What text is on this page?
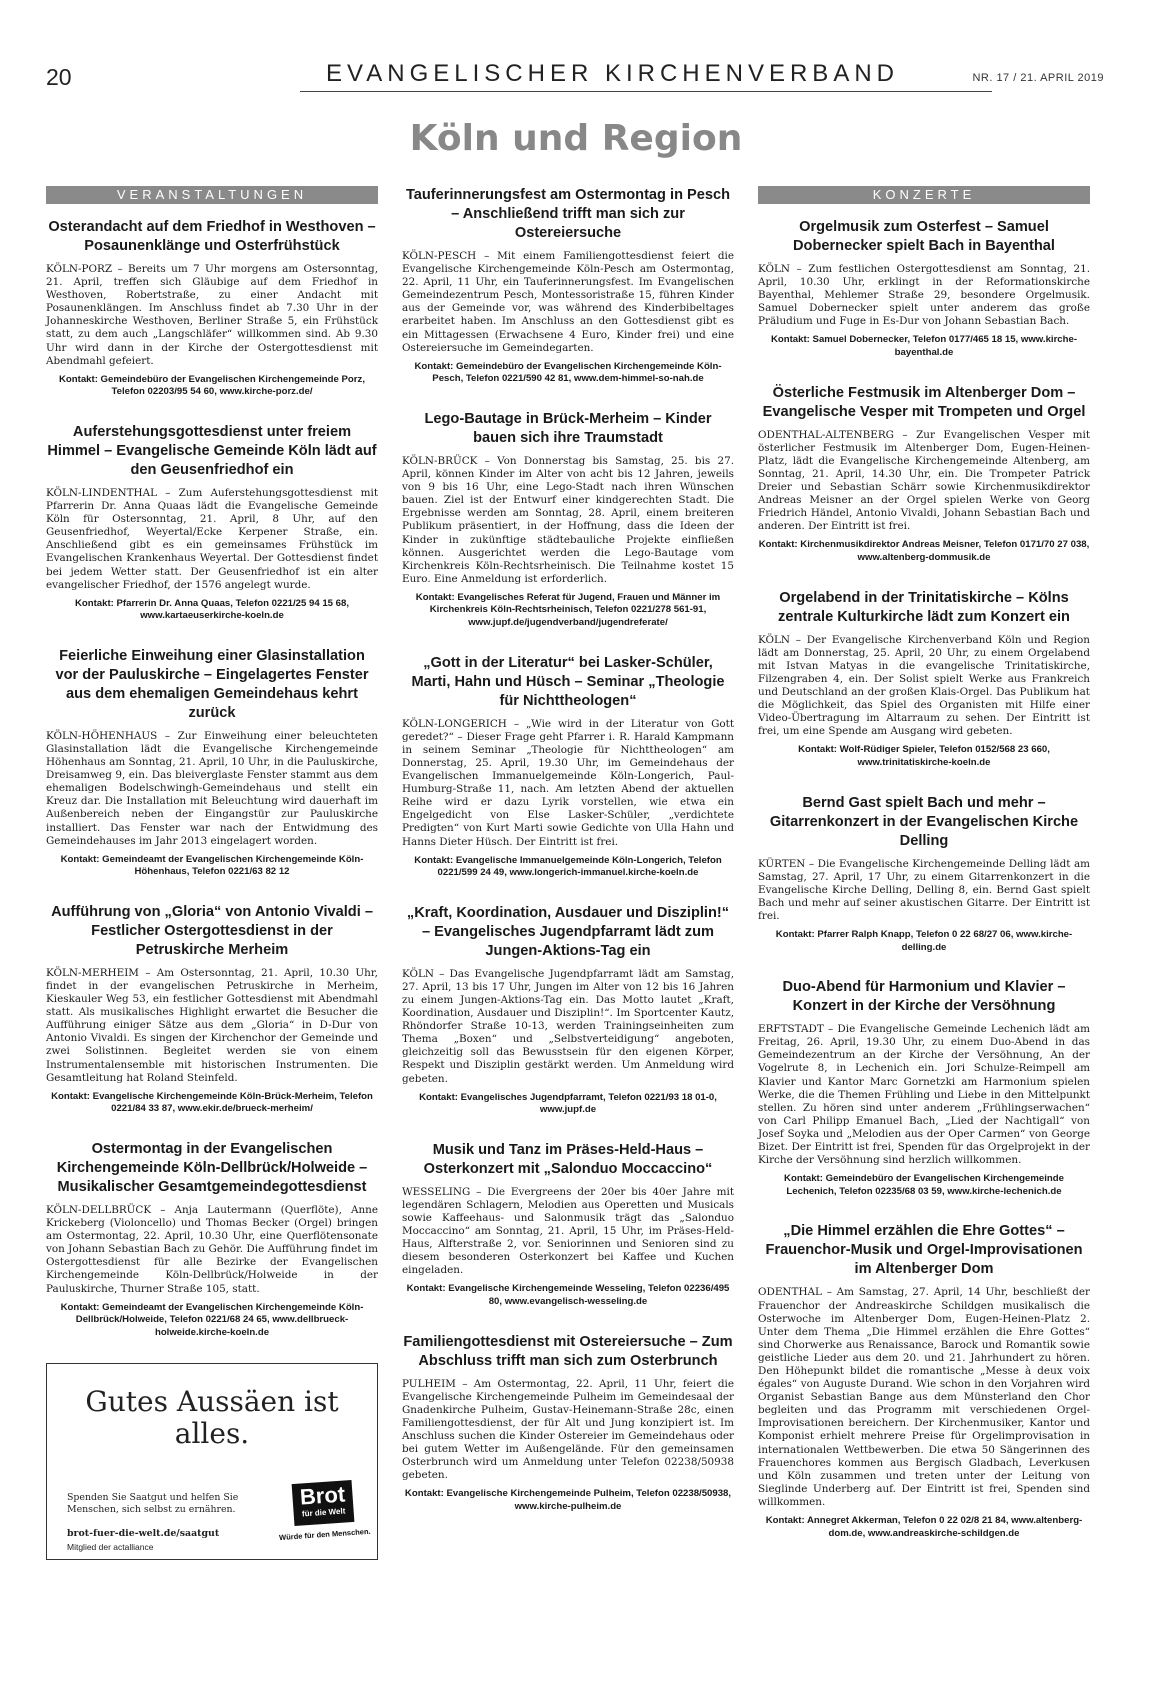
20	EVANGELISCHER KIRCHENVERBAND	NR. 17 / 21. APRIL 2019
Köln und Region
VERANSTALTUNGEN
Osterandacht auf dem Friedhof in Westhoven – Posaunenklänge und Osterfrühstück

KÖLN-PORZ – Bereits um 7 Uhr morgens am Ostersonntag, 21. April, treffen sich Gläubige auf dem Friedhof in Westhoven, Robertstraße, zu einer Andacht mit Posaunenklängen. Im Anschluss findet ab 7.30 Uhr in der Johanneskirche Westhoven, Berliner Straße 5, ein Frühstück statt, zu dem auch „Langschläfer“ willkommen sind. Ab 9.30 Uhr wird dann in der Kirche der Ostergottesdienst mit Abendmahl gefeiert.

Kontakt: Gemeindebüro der Evangelischen Kirchengemeinde Porz, Telefon 02203/95 54 60, www.kirche-porz.de/

Auferstehungsgottesdienst unter freiem Himmel – Evangelische Gemeinde Köln lädt auf den Geusenfriedhof ein

KÖLN-LINDENTHAL – Zum Auferstehungsgottesdienst mit Pfarrerin Dr. Anna Quaas lädt die Evangelische Gemeinde Köln für Ostersonntag, 21. April, 8 Uhr, auf den Geusenfriedhof, Weyertal/Ecke Kerpener Straße, ein. Anschließend gibt es ein gemeinsames Frühstück im Evangelischen Krankenhaus Weyertal. Der Gottesdienst findet bei jedem Wetter statt. Der Geusenfriedhof ist ein alter evangelischer Friedhof, der 1576 angelegt wurde.

Kontakt: Pfarrerin Dr. Anna Quaas, Telefon 0221/25 94 15 68, www.kartaeuserkirche-koeln.de

Feierliche Einweihung einer Glasinstallation vor der Pauluskirche – Eingelagertes Fenster aus dem ehemaligen Gemeindehaus kehrt zurück

KÖLN-HÖHENHAUS – Zur Einweihung einer beleuchteten Glasinstallation lädt die Evangelische Kirchengemeinde Höhenhaus am Sonntag, 21. April, 10 Uhr, in die Pauluskirche, Dreisamweg 9, ein. Das bleiverglaste Fenster stammt aus dem ehemaligen Bodelschwingh-Gemeindehaus und stellt ein Kreuz dar. Die Installation mit Beleuchtung wird dauerhaft im Außenbereich neben der Eingangstür zur Pauluskirche installiert. Das Fenster war nach der Entwidmung des Gemeindehauses im Jahr 2013 eingelagert worden.

Kontakt: Gemeindeamt der Evangelischen Kirchengemeinde Köln-Höhenhaus, Telefon 0221/63 82 12

Aufführung von „Gloria“ von Antonio Vivaldi – Festlicher Ostergottesdienst in der Petruskirche Merheim

KÖLN-MERHEIM – Am Ostersonntag, 21. April, 10.30 Uhr, findet in der evangelischen Petruskirche in Merheim, Kieskauler Weg 53, ein festlicher Gottesdienst mit Abendmahl statt. Als musikalisches Highlight erwartet die Besucher die Aufführung einiger Sätze aus dem „Gloria“ in D-Dur von Antonio Vivaldi. Es singen der Kirchenchor der Gemeinde und zwei Solistinnen. Begleitet werden sie von einem Instrumentalensemble mit historischen Instrumenten. Die Gesamtleitung hat Roland Steinfeld.

Kontakt: Evangelische Kirchengemeinde Köln-Brück-Merheim, Telefon 0221/84 33 87, www.ekir.de/brueck-merheim/

Ostermontag in der Evangelischen Kirchengemeinde Köln-Dellbrück/Holweide – Musikalischer Gesamtgemeindegottesdienst

KÖLN-DELLBRÜCK – Anja Lautermann (Querflöte), Anne Krickeberg (Violoncello) und Thomas Becker (Orgel) bringen am Ostermontag, 22. April, 10.30 Uhr, eine Querflötensonate von Johann Sebastian Bach zu Gehör. Die Aufführung findet im Ostergottesdienst für alle Bezirke der Evangelischen Kirchengemeinde Köln-Dellbrück/Holweide in der Pauluskirche, Thurner Straße 105, statt.

Kontakt: Gemeindeamt der Evangelischen Kirchengemeinde Köln-Dellbrück/Holweide, Telefon 0221/68 24 65, www.dellbrueck-holweide.kirche-koeln.de

Gutes Aussäen ist alles.
Spenden Sie Saatgut und helfen Sie Menschen, sich selbst zu ernähren.
brot-fuer-die-welt.de/saatgut
Mitglied der actalliance
Brot
für die Welt
Würde für den Menschen.
Tauferinnerungsfest am Ostermontag in Pesch – Anschließend trifft man sich zur Ostereiersuche

KÖLN-PESCH – Mit einem Familiengottesdienst feiert die Evangelische Kirchengemeinde Köln-Pesch am Ostermontag, 22. April, 11 Uhr, ein Tauferinnerungsfest. Im Evangelischen Gemeindezentrum Pesch, Montessoristraße 15, führen Kinder aus der Gemeinde vor, was während des Kinderbibeltages erarbeitet haben. Im Anschluss an den Gottesdienst gibt es ein Mittagessen (Erwachsene 4 Euro, Kinder frei) und eine Ostereiersuche im Gemeindegarten.

Kontakt: Gemeindebüro der Evangelischen Kirchengemeinde Köln-Pesch, Telefon 0221/590 42 81, www.dem-himmel-so-nah.de

Lego-Bautage in Brück-Merheim – Kinder bauen sich ihre Traumstadt

KÖLN-BRÜCK – Von Donnerstag bis Samstag, 25. bis 27. April, können Kinder im Alter von acht bis 12 Jahren, jeweils von 9 bis 16 Uhr, eine Lego-Stadt nach ihren Wünschen bauen. Ziel ist der Entwurf einer kindgerechten Stadt. Die Ergebnisse werden am Sonntag, 28. April, einem breiteren Publikum präsentiert, in der Hoffnung, dass die Ideen der Kinder in zukünftige städtebauliche Projekte einfließen können. Ausgerichtet werden die Lego-Bautage vom Kirchenkreis Köln-Rechtsrheinisch. Die Teilnahme kostet 15 Euro. Eine Anmeldung ist erforderlich.

Kontakt: Evangelisches Referat für Jugend, Frauen und Männer im Kirchenkreis Köln-Rechtsrheinisch, Telefon 0221/278 561-91, www.jupf.de/jugendverband/jugendreferate/

„Gott in der Literatur“ bei Lasker-Schüler, Marti, Hahn und Hüsch – Seminar „Theologie für Nichttheologen“

KÖLN-LONGERICH – „Wie wird in der Literatur von Gott geredet?“ – Dieser Frage geht Pfarrer i. R. Harald Kampmann in seinem Seminar „Theologie für Nichttheologen“ am Donnerstag, 25. April, 19.30 Uhr, im Gemeindehaus der Evangelischen Immanuelgemeinde Köln-Longerich, Paul-Humburg-Straße 11, nach. Am letzten Abend der aktuellen Reihe wird er dazu Lyrik vorstellen, wie etwa ein Engelgedicht von Else Lasker-Schüler, „verdichtete Predigten“ von Kurt Marti sowie Gedichte von Ulla Hahn und Hanns Dieter Hüsch. Der Eintritt ist frei.

Kontakt: Evangelische Immanuelgemeinde Köln-Longerich, Telefon 0221/599 24 49, www.longerich-immanuel.kirche-koeln.de

„Kraft, Koordination, Ausdauer und Disziplin!“ – Evangelisches Jugendpfarramt lädt zum Jungen-Aktions-Tag ein

KÖLN – Das Evangelische Jugendpfarramt lädt am Samstag, 27. April, 13 bis 17 Uhr, Jungen im Alter von 12 bis 16 Jahren zu einem Jungen-Aktions-Tag ein. Das Motto lautet „Kraft, Koordination, Ausdauer und Disziplin!“. Im Sportcenter Kautz, Rhöndorfer Straße 10-13, werden Trainingseinheiten zum Thema „Boxen“ und „Selbstverteidigung“ angeboten, gleichzeitig soll das Bewusstsein für den eigenen Körper, Respekt und Disziplin gestärkt werden. Um Anmeldung wird gebeten.

Kontakt: Evangelisches Jugendpfarramt, Telefon 0221/93 18 01-0, www.jupf.de

Musik und Tanz im Präses-Held-Haus – Osterkonzert mit „Salonduo Moccaccino“

WESSELING – Die Evergreens der 20er bis 40er Jahre mit legendären Schlagern, Melodien aus Operetten und Musicals sowie Kaffeehaus- und Salonmusik trägt das „Salonduo Moccaccino“ am Sonntag, 21. April, 15 Uhr, im Präses-Held-Haus, Alfterstraße 2, vor. Seniorinnen und Senioren sind zu diesem besonderen Osterkonzert bei Kaffee und Kuchen eingeladen.

Kontakt: Evangelische Kirchengemeinde Wesseling, Telefon 02236/495 80, www.evangelisch-wesseling.de

Familiengottesdienst mit Ostereiersuche – Zum Abschluss trifft man sich zum Osterbrunch

PULHEIM – Am Ostermontag, 22. April, 11 Uhr, feiert die Evangelische Kirchengemeinde Pulheim im Gemeindesaal der Gnadenkirche Pulheim, Gustav-Heinemann-Straße 28c, einen Familiengottesdienst, der für Alt und Jung konzipiert ist. Im Anschluss suchen die Kinder Ostereier im Gemeindehaus oder bei gutem Wetter im Außengelände. Für den gemeinsamen Osterbrunch wird um Anmeldung unter Telefon 02238/50938 gebeten.

Kontakt: Evangelische Kirchengemeinde Pulheim, Telefon 02238/50938, www.kirche-pulheim.de

KONZERTE
Orgelmusik zum Osterfest – Samuel Dobernecker spielt Bach in Bayenthal

KÖLN – Zum festlichen Ostergottesdienst am Sonntag, 21. April, 10.30 Uhr, erklingt in der Reformationskirche Bayenthal, Mehlemer Straße 29, besondere Orgelmusik. Samuel Dobernecker spielt unter anderem das große Präludium und Fuge in Es-Dur von Johann Sebastian Bach.

Kontakt: Samuel Dobernecker, Telefon 0177/465 18 15, www.kirche-bayenthal.de

Österliche Festmusik im Altenberger Dom – Evangelische Vesper mit Trompeten und Orgel

ODENTHAL-ALTENBERG – Zur Evangelischen Vesper mit österlicher Festmusik im Altenberger Dom, Eugen-Heinen-Platz, lädt die Evangelische Kirchengemeinde Altenberg, am Sonntag, 21. April, 14.30 Uhr, ein. Die Trompeter Patrick Dreier und Sebastian Schärr sowie Kirchenmusikdirektor Andreas Meisner an der Orgel spielen Werke von Georg Friedrich Händel, Antonio Vivaldi, Johann Sebastian Bach und anderen. Der Eintritt ist frei.

Kontakt: Kirchenmusikdirektor Andreas Meisner, Telefon 0171/70 27 038, www.altenberg-dommusik.de

Orgelabend in der Trinitatiskirche – Kölns zentrale Kulturkirche lädt zum Konzert ein

KÖLN – Der Evangelische Kirchenverband Köln und Region lädt am Donnerstag, 25. April, 20 Uhr, zu einem Orgelabend mit Istvan Matyas in die evangelische Trinitatiskirche, Filzengraben 4, ein. Der Solist spielt Werke aus Frankreich und Deutschland an der großen Klais-Orgel. Das Publikum hat die Möglichkeit, das Spiel des Organisten mit Hilfe einer Video-Übertragung im Altarraum zu sehen. Der Eintritt ist frei, um eine Spende am Ausgang wird gebeten.

Kontakt: Wolf-Rüdiger Spieler, Telefon 0152/568 23 660, www.trinitatiskirche-koeln.de

Bernd Gast spielt Bach und mehr – Gitarrenkonzert in der Evangelischen Kirche Delling

KÜRTEN – Die Evangelische Kirchengemeinde Delling lädt am Samstag, 27. April, 17 Uhr, zu einem Gitarrenkonzert in die Evangelische Kirche Delling, Delling 8, ein. Bernd Gast spielt Bach und mehr auf seiner akustischen Gitarre. Der Eintritt ist frei.

Kontakt: Pfarrer Ralph Knapp, Telefon 0 22 68/27 06, www.kirche-delling.de

Duo-Abend für Harmonium und Klavier – Konzert in der Kirche der Versöhnung

ERFTSTADT – Die Evangelische Gemeinde Lechenich lädt am Freitag, 26. April, 19.30 Uhr, zu einem Duo-Abend in das Gemeindezentrum an der Kirche der Versöhnung, An der Vogelrute 8, in Lechenich ein. Jori Schulze-Reimpell am Klavier und Kantor Marc Gornetzki am Harmonium spielen Werke, die die Themen Frühling und Liebe in den Mittelpunkt stellen. Zu hören sind unter anderem „Frühlingserwachen“ von Carl Philipp Emanuel Bach, „Lied der Nachtigall“ von Josef Soyka und „Melodien aus der Oper Carmen“ von George Bizet. Der Eintritt ist frei, Spenden für das Orgelprojekt in der Kirche der Versöhnung sind herzlich willkommen.

Kontakt: Gemeindebüro der Evangelischen Kirchengemeinde Lechenich, Telefon 02235/68 03 59, www.kirche-lechenich.de

„Die Himmel erzählen die Ehre Gottes“ – Frauenchor-Musik und Orgel-Improvisationen im Altenberger Dom

ODENTHAL – Am Samstag, 27. April, 14 Uhr, beschließt der Frauenchor der Andreaskirche Schildgen musikalisch die Osterwoche im Altenberger Dom, Eugen-Heinen-Platz 2. Unter dem Thema „Die Himmel erzählen die Ehre Gottes“ sind Chorwerke aus Renaissance, Barock und Romantik sowie geistliche Lieder aus dem 20. und 21. Jahrhundert zu hören. Den Höhepunkt bildet die romantische „Messe à deux voix égales“ von Auguste Durand. Wie schon in den Vorjahren wird Organist Sebastian Bange aus dem Münsterland den Chor begleiten und das Programm mit verschiedenen Orgel-Improvisationen bereichern. Der Kirchenmusiker, Kantor und Komponist erhielt mehrere Preise für Orgelimprovisation in internationalen Wettbewerben. Die etwa 50 Sängerinnen des Frauenchores kommen aus Bergisch Gladbach, Leverkusen und Köln zusammen und treten unter der Leitung von Sieglinde Underberg auf. Der Eintritt ist frei, Spenden sind willkommen.

Kontakt: Annegret Akkerman, Telefon 0 22 02/8 21 84, www.altenberg-dom.de, www.andreaskirche-schildgen.de
